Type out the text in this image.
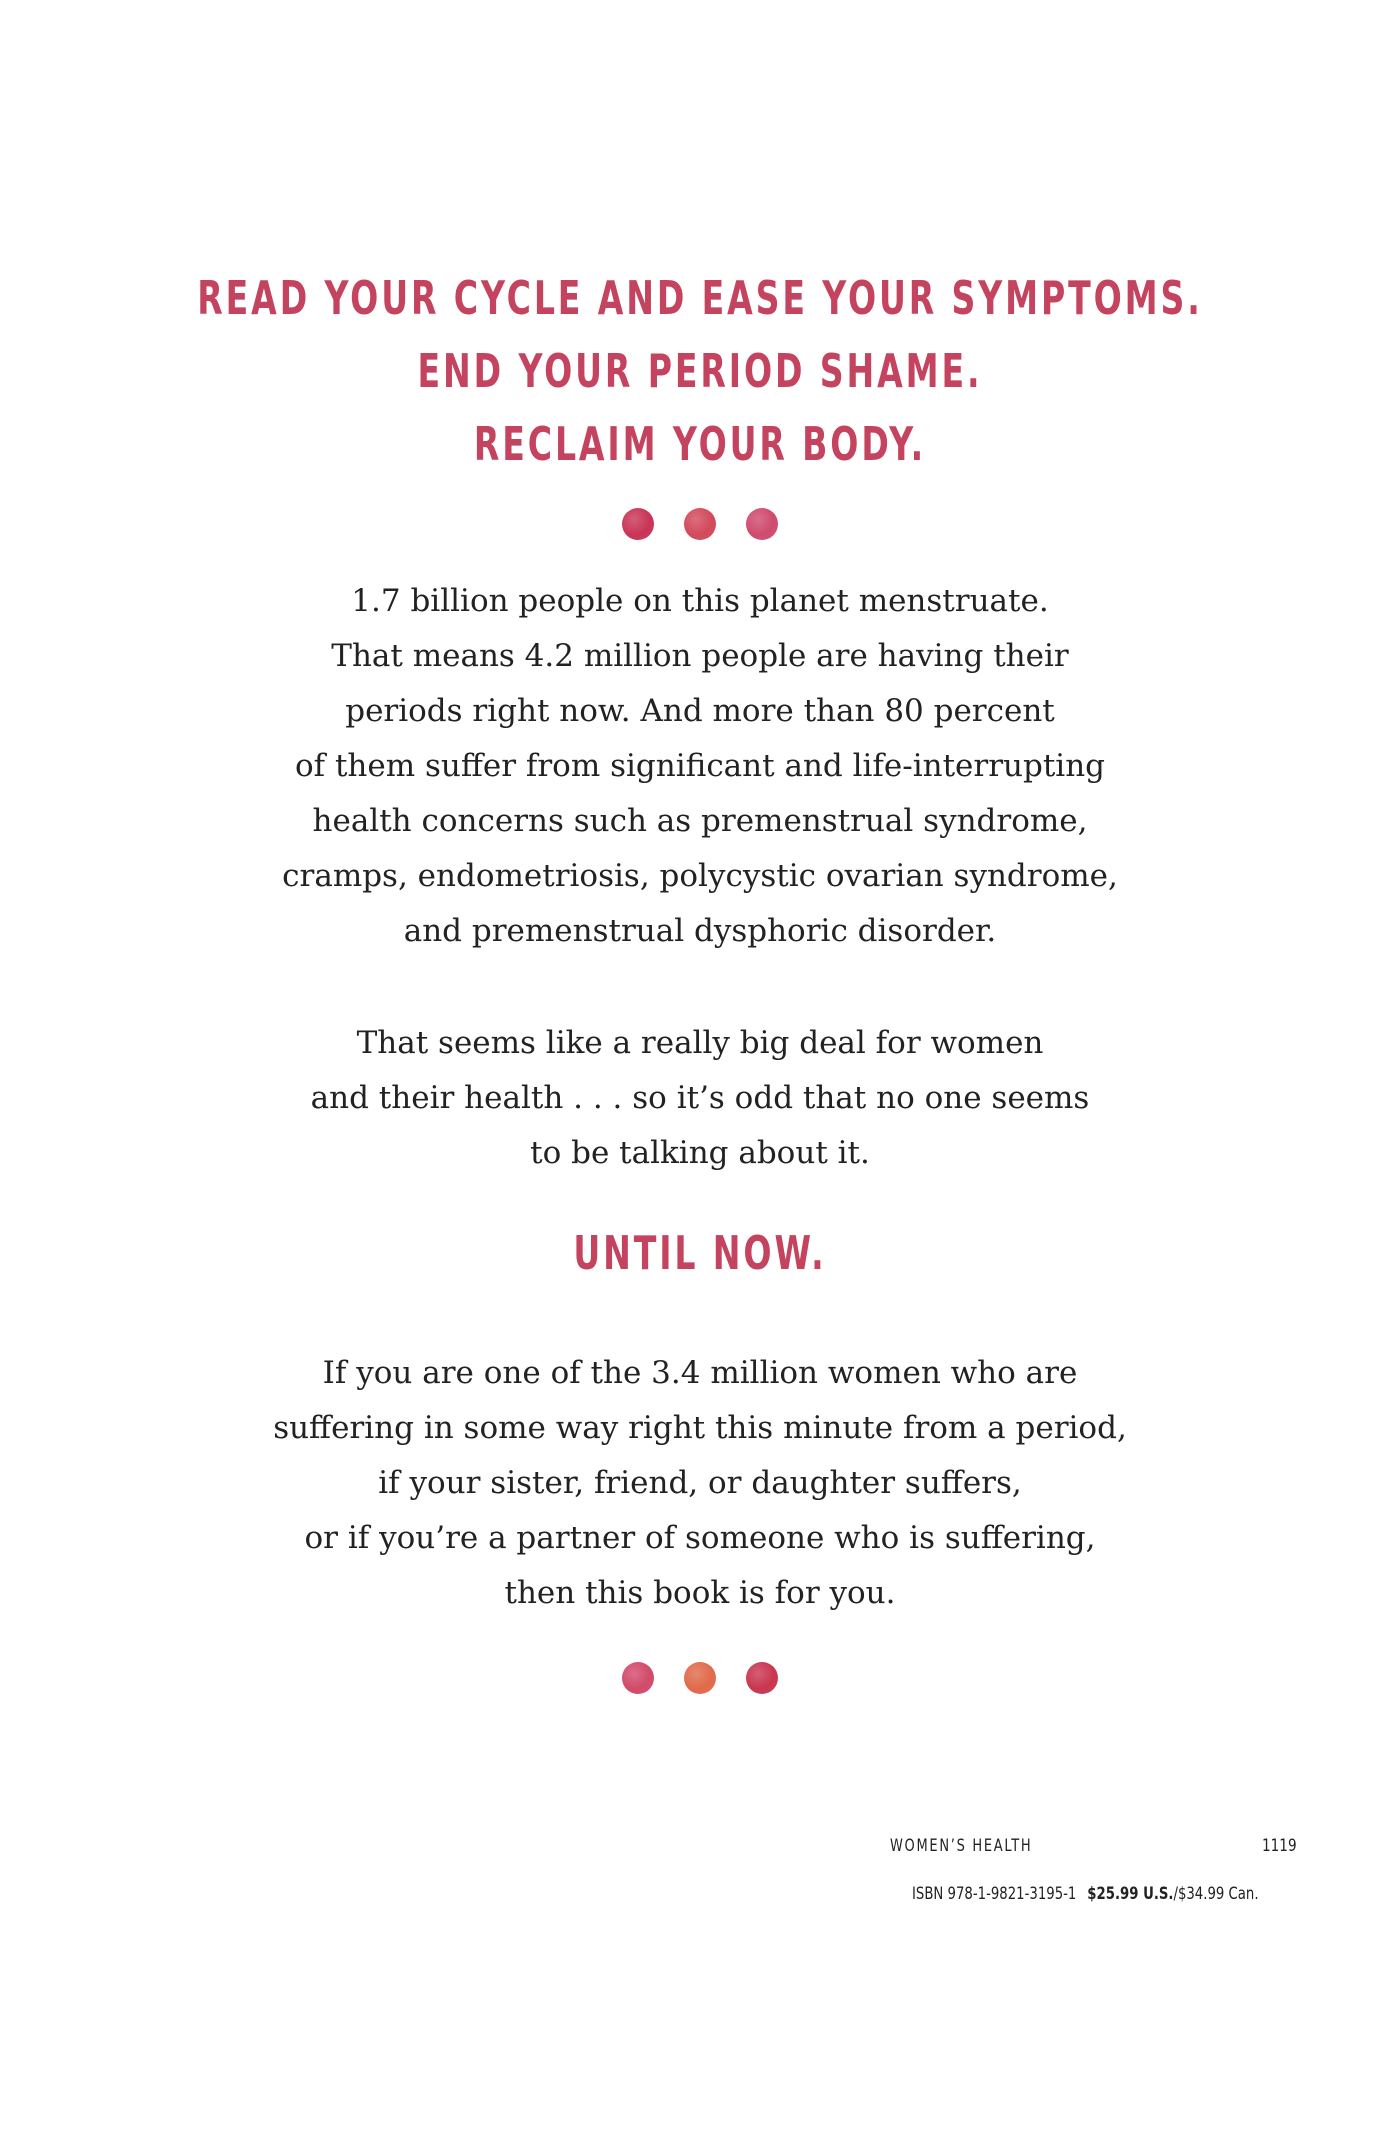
READ YOUR CYCLE AND EASE YOUR SYMPTOMS.
END YOUR PERIOD SHAME.
RECLAIM YOUR BODY.
1.7 billion people on this planet menstruate.
That means 4.2 million people are having their
periods right now. And more than 80 percent
of them suffer from significant and life-interrupting
health concerns such as premenstrual syndrome,
cramps, endometriosis, polycystic ovarian syndrome,
and premenstrual dysphoric disorder.
That seems like a really big deal for women
and their health . . . so it’s odd that no one seems
to be talking about it.
UNTIL NOW.
If you are one of the 3.4 million women who are
suffering in some way right this minute from a period,
if your sister, friend, or daughter suffers,
or if you’re a partner of someone who is suffering,
then this book is for you.
WOMEN’S HEALTH	1119
ISBN 978-1-9821-3195-1 $25.99 U.S./$34.99 Can.
